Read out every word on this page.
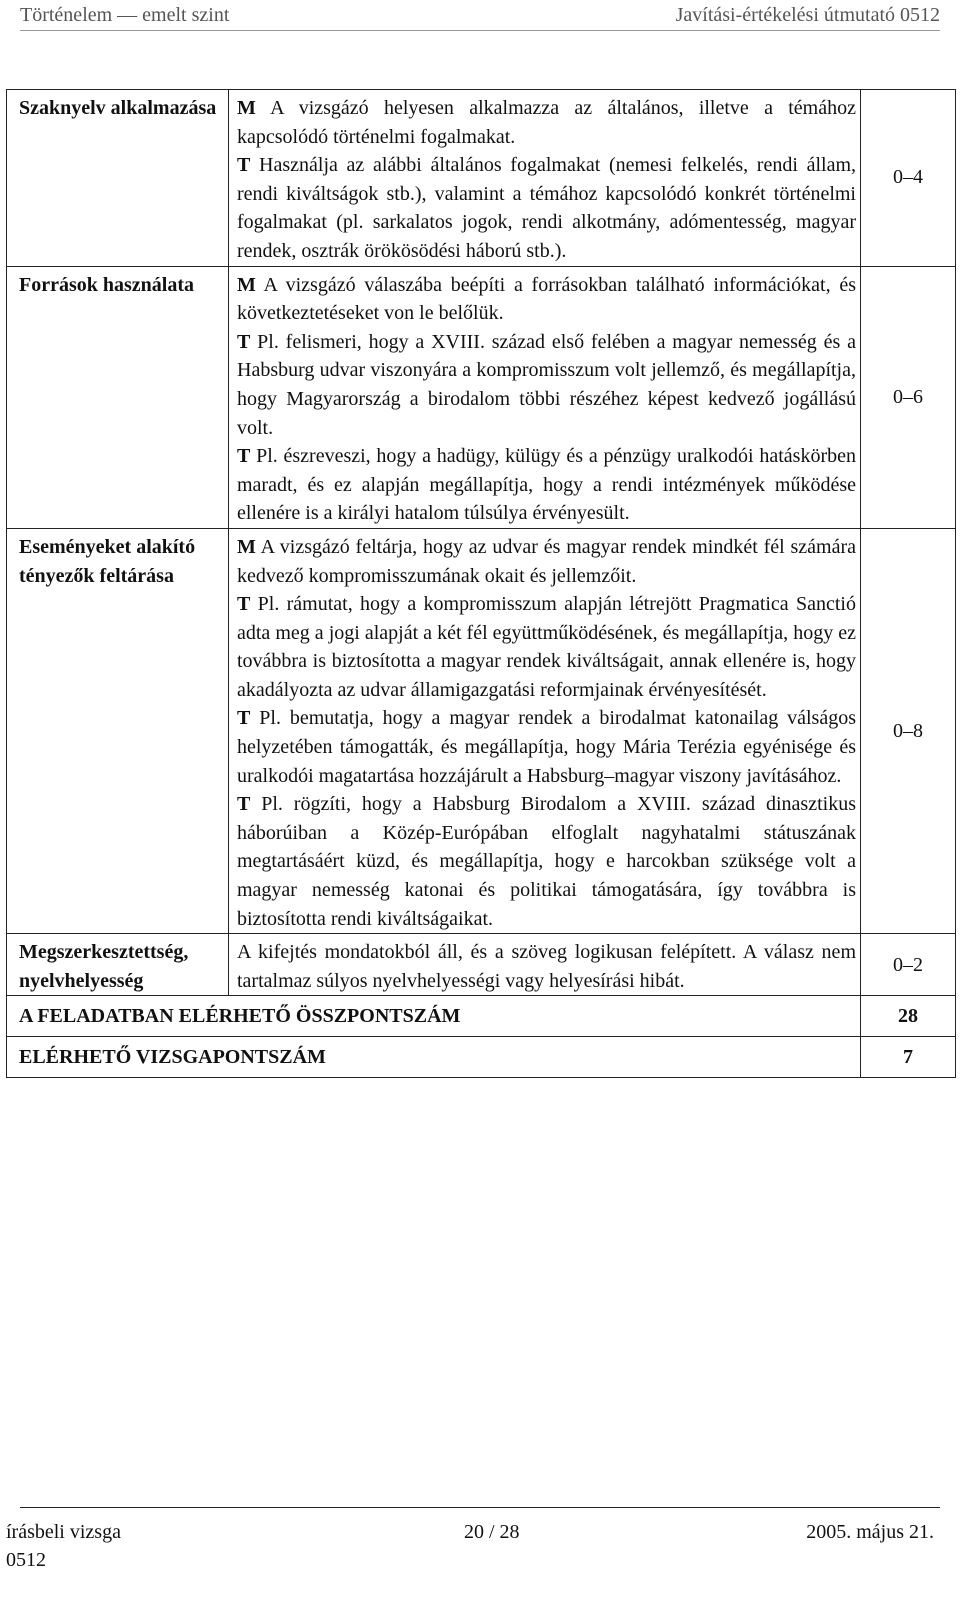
Történelem — emelt szint	Javítási-értékelési útmutató 0512
Szaknyelv alkalmazása	M A vizsgázó helyesen alkalmazza az általános, illetve a témához kapcsolódó történelmi fogalmakat.

T Használja az alábbi általános fogalmakat (nemesi felkelés, rendi állam, rendi kiváltságok stb.), valamint a témához kapcsolódó konkrét történelmi fogalmakat (pl. sarkalatos jogok, rendi alkotmány, adómentesség, magyar rendek, osztrák örökösödési háború stb.).	0–4
Források használata	M A vizsgázó válaszába beépíti a forrásokban található információkat, és következtetéseket von le belőlük.

T Pl. felismeri, hogy a XVIII. század első felében a magyar nemesség és a Habsburg udvar viszonyára a kompromisszum volt jellemző, és megállapítja, hogy Magyarország a birodalom többi részéhez képest kedvező jogállású volt.

T Pl. észreveszi, hogy a hadügy, külügy és a pénzügy uralkodói hatáskörben maradt, és ez alapján megállapítja, hogy a rendi intézmények működése ellenére is a királyi hatalom túlsúlya érvényesült.	0–6
Eseményeket alakító tényezők feltárása	M A vizsgázó feltárja, hogy az udvar és magyar rendek mindkét fél számára kedvező kompromisszumának okait és jellemzőit.

T Pl. rámutat, hogy a kompromisszum alapján létrejött Pragmatica Sanctió adta meg a jogi alapját a két fél együttműködésének, és megállapítja, hogy ez továbbra is biztosította a magyar rendek kiváltságait, annak ellenére is, hogy akadályozta az udvar államigazgatási reformjainak érvényesítését.

T Pl. bemutatja, hogy a magyar rendek a birodalmat katonailag válságos helyzetében támogatták, és megállapítja, hogy Mária Terézia egyénisége és uralkodói magatartása hozzájárult a Habsburg–magyar viszony javításához.

T Pl. rögzíti, hogy a Habsburg Birodalom a XVIII. század dinasztikus háborúiban a Közép-Európában elfoglalt nagyhatalmi státuszának megtartásáért küzd, és megállapítja, hogy e harcokban szüksége volt a magyar nemesség katonai és politikai támogatására, így továbbra is biztosította rendi kiváltságaikat.	0–8
Megszerkesztettség, nyelvhelyesség	A kifejtés mondatokból áll, és a szöveg logikusan felépített. A válasz nem tartalmaz súlyos nyelvhelyességi vagy helyesírási hibát.	0–2
A FELADATBAN ELÉRHETŐ ÖSSZPONTSZÁM		28
ELÉRHETŐ VIZSGAPONTSZÁM		7
írásbeli vizsga	2005. május 21.
20 / 28
0512
